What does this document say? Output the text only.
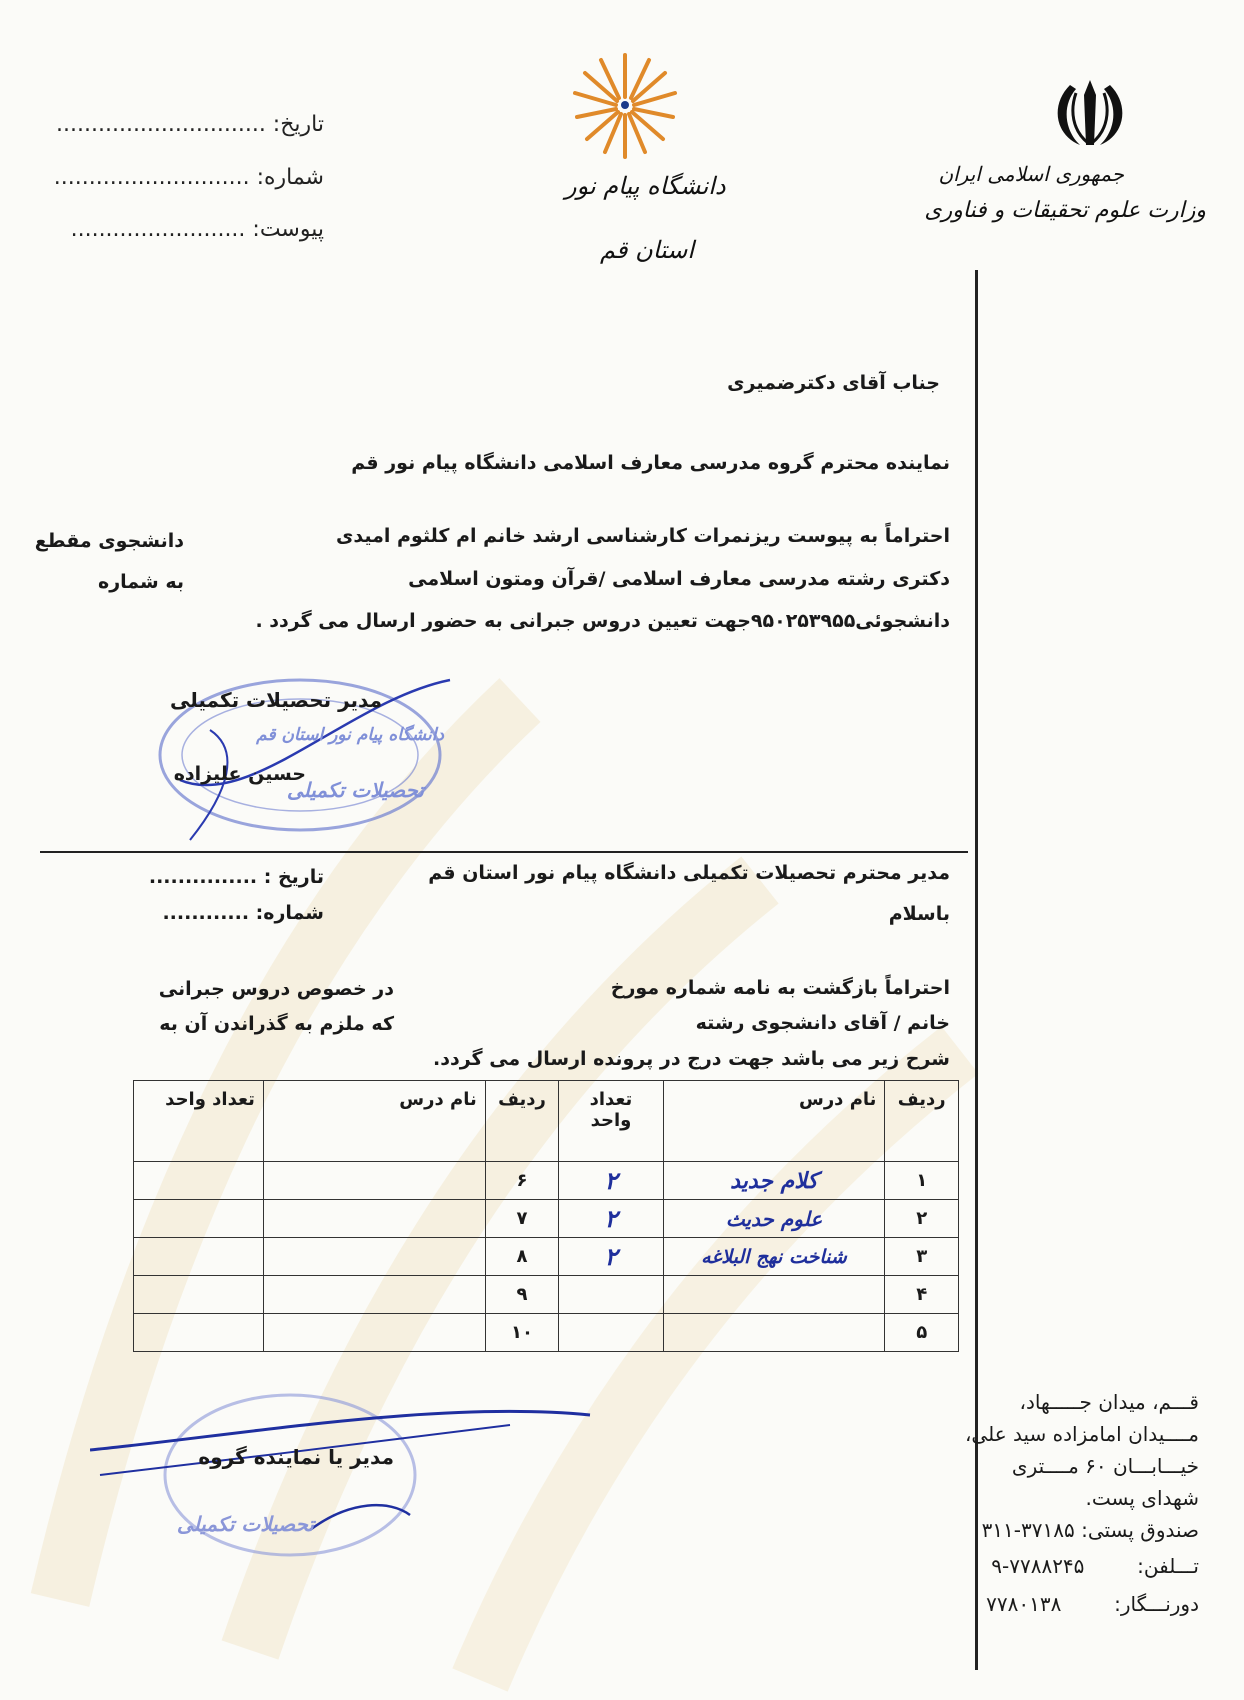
جمهوری اسلامی ایران
وزارت علوم تحقیقات و فناوری
دانشگاه پیام نور
استان قم
تاریخ: ..............................
شماره: ............................
پیوست: .........................
جناب آقای دکترضمیری
نماینده محترم گروه مدرسی معارف اسلامی دانشگاه پیام نور قم
احتراماً به پیوست ریزنمرات کارشناسی ارشد خانم ام کلثوم امیدی
دانشجوی مقطع
دکتری رشته مدرسی معارف اسلامی /قرآن ومتون اسلامی
به شماره
دانشجوئی۹۵۰۲۵۳۹۵۵جهت تعیین دروس جبرانی به حضور ارسال می گردد .
دانشگاه پیام نور استان قم
تحصیلات تکمیلی
مدیر تحصیلات تکمیلی
حسین علیزاده
مدیر محترم تحصیلات تکمیلی دانشگاه پیام نور استان قم
باسلام
تاریخ : ...............
شماره: ............
احتراماً بازگشت به نامه شماره مورخ
در خصوص دروس جبرانی
خانم / آقای دانشجوی رشته
که ملزم به گذراندن آن به
شرح زیر می باشد جهت درج در پرونده ارسال می گردد.
ردیف	نام درس	تعداد واحد	ردیف	نام درس	تعداد واحد
۱	کلام جدید	۲	۶		
۲	علوم حدیث	۲	۷		
۳	شناخت نهج البلاغه	۲	۸		
۴			۹		
۵			۱۰		
مدیر یا نماینده گروه
تحصیلات تکمیلی
قـــم، میدان جـــــهاد،
مــــیدان امامزاده سید علی،
خیـــابـــان ۶۰ مــــتری
شهدای پست.
صندوق پستی: ۳۷۱۸۵-۳۱۱
تـــلفن:  ۷۷۸۸۲۴۵-۹
دورنـــگار:  ۷۷۸۰۱۳۸
